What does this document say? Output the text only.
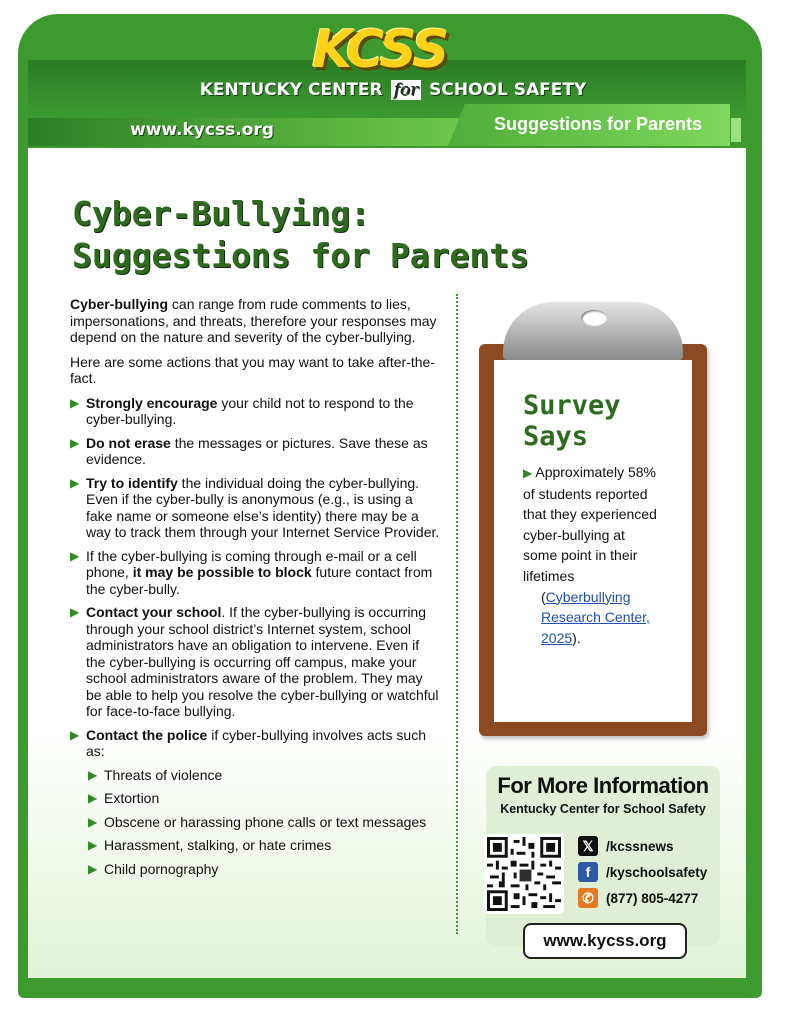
KCSS
KENTUCKY CENTER for SCHOOL SAFETY
www.kycss.org	Suggestions for Parents
Cyber-Bullying:
Suggestions for Parents

Cyber-bullying can range from rude comments to lies, impersonations, and threats, therefore your responses may depend on the nature and severity of the cyber-bullying.

Here are some actions that you may want to take after-the-fact.

▶ Strongly encourage your child not to respond to the cyber-bullying.
▶ Do not erase the messages or pictures. Save these as evidence.
▶ Try to identify the individual doing the cyber-bullying. Even if the cyber-bully is anonymous (e.g., is using a fake name or someone else’s identity) there may be a way to track them through your Internet Service Provider.
▶ If the cyber-bullying is coming through e-mail or a cell phone, it may be possible to block future contact from the cyber-bully.
▶ Contact your school. If the cyber-bullying is occurring through your school district’s Internet system, school administrators have an obligation to intervene. Even if the cyber-bullying is occurring off campus, make your school administrators aware of the problem. They may be able to help you resolve the cyber-bullying or watchful for face-to-face bullying.
▶ Contact the police if cyber-bullying involves acts such as:
▶ Threats of violence
▶ Extortion
▶ Obscene or harassing phone calls or text messages
▶ Harassment, stalking, or hate crimes
▶ Child pornography
Survey
Says
▶ Approximately 58% of students reported that they experienced cyber-bullying at some point in their lifetimes
(Cyberbullying Research Center, 2025).
For More Information
Kentucky Center for School Safety
𝕏 /kcssnews
f	/kyschoolsafety
✆ (877) 805-4277
www.kycss.org
